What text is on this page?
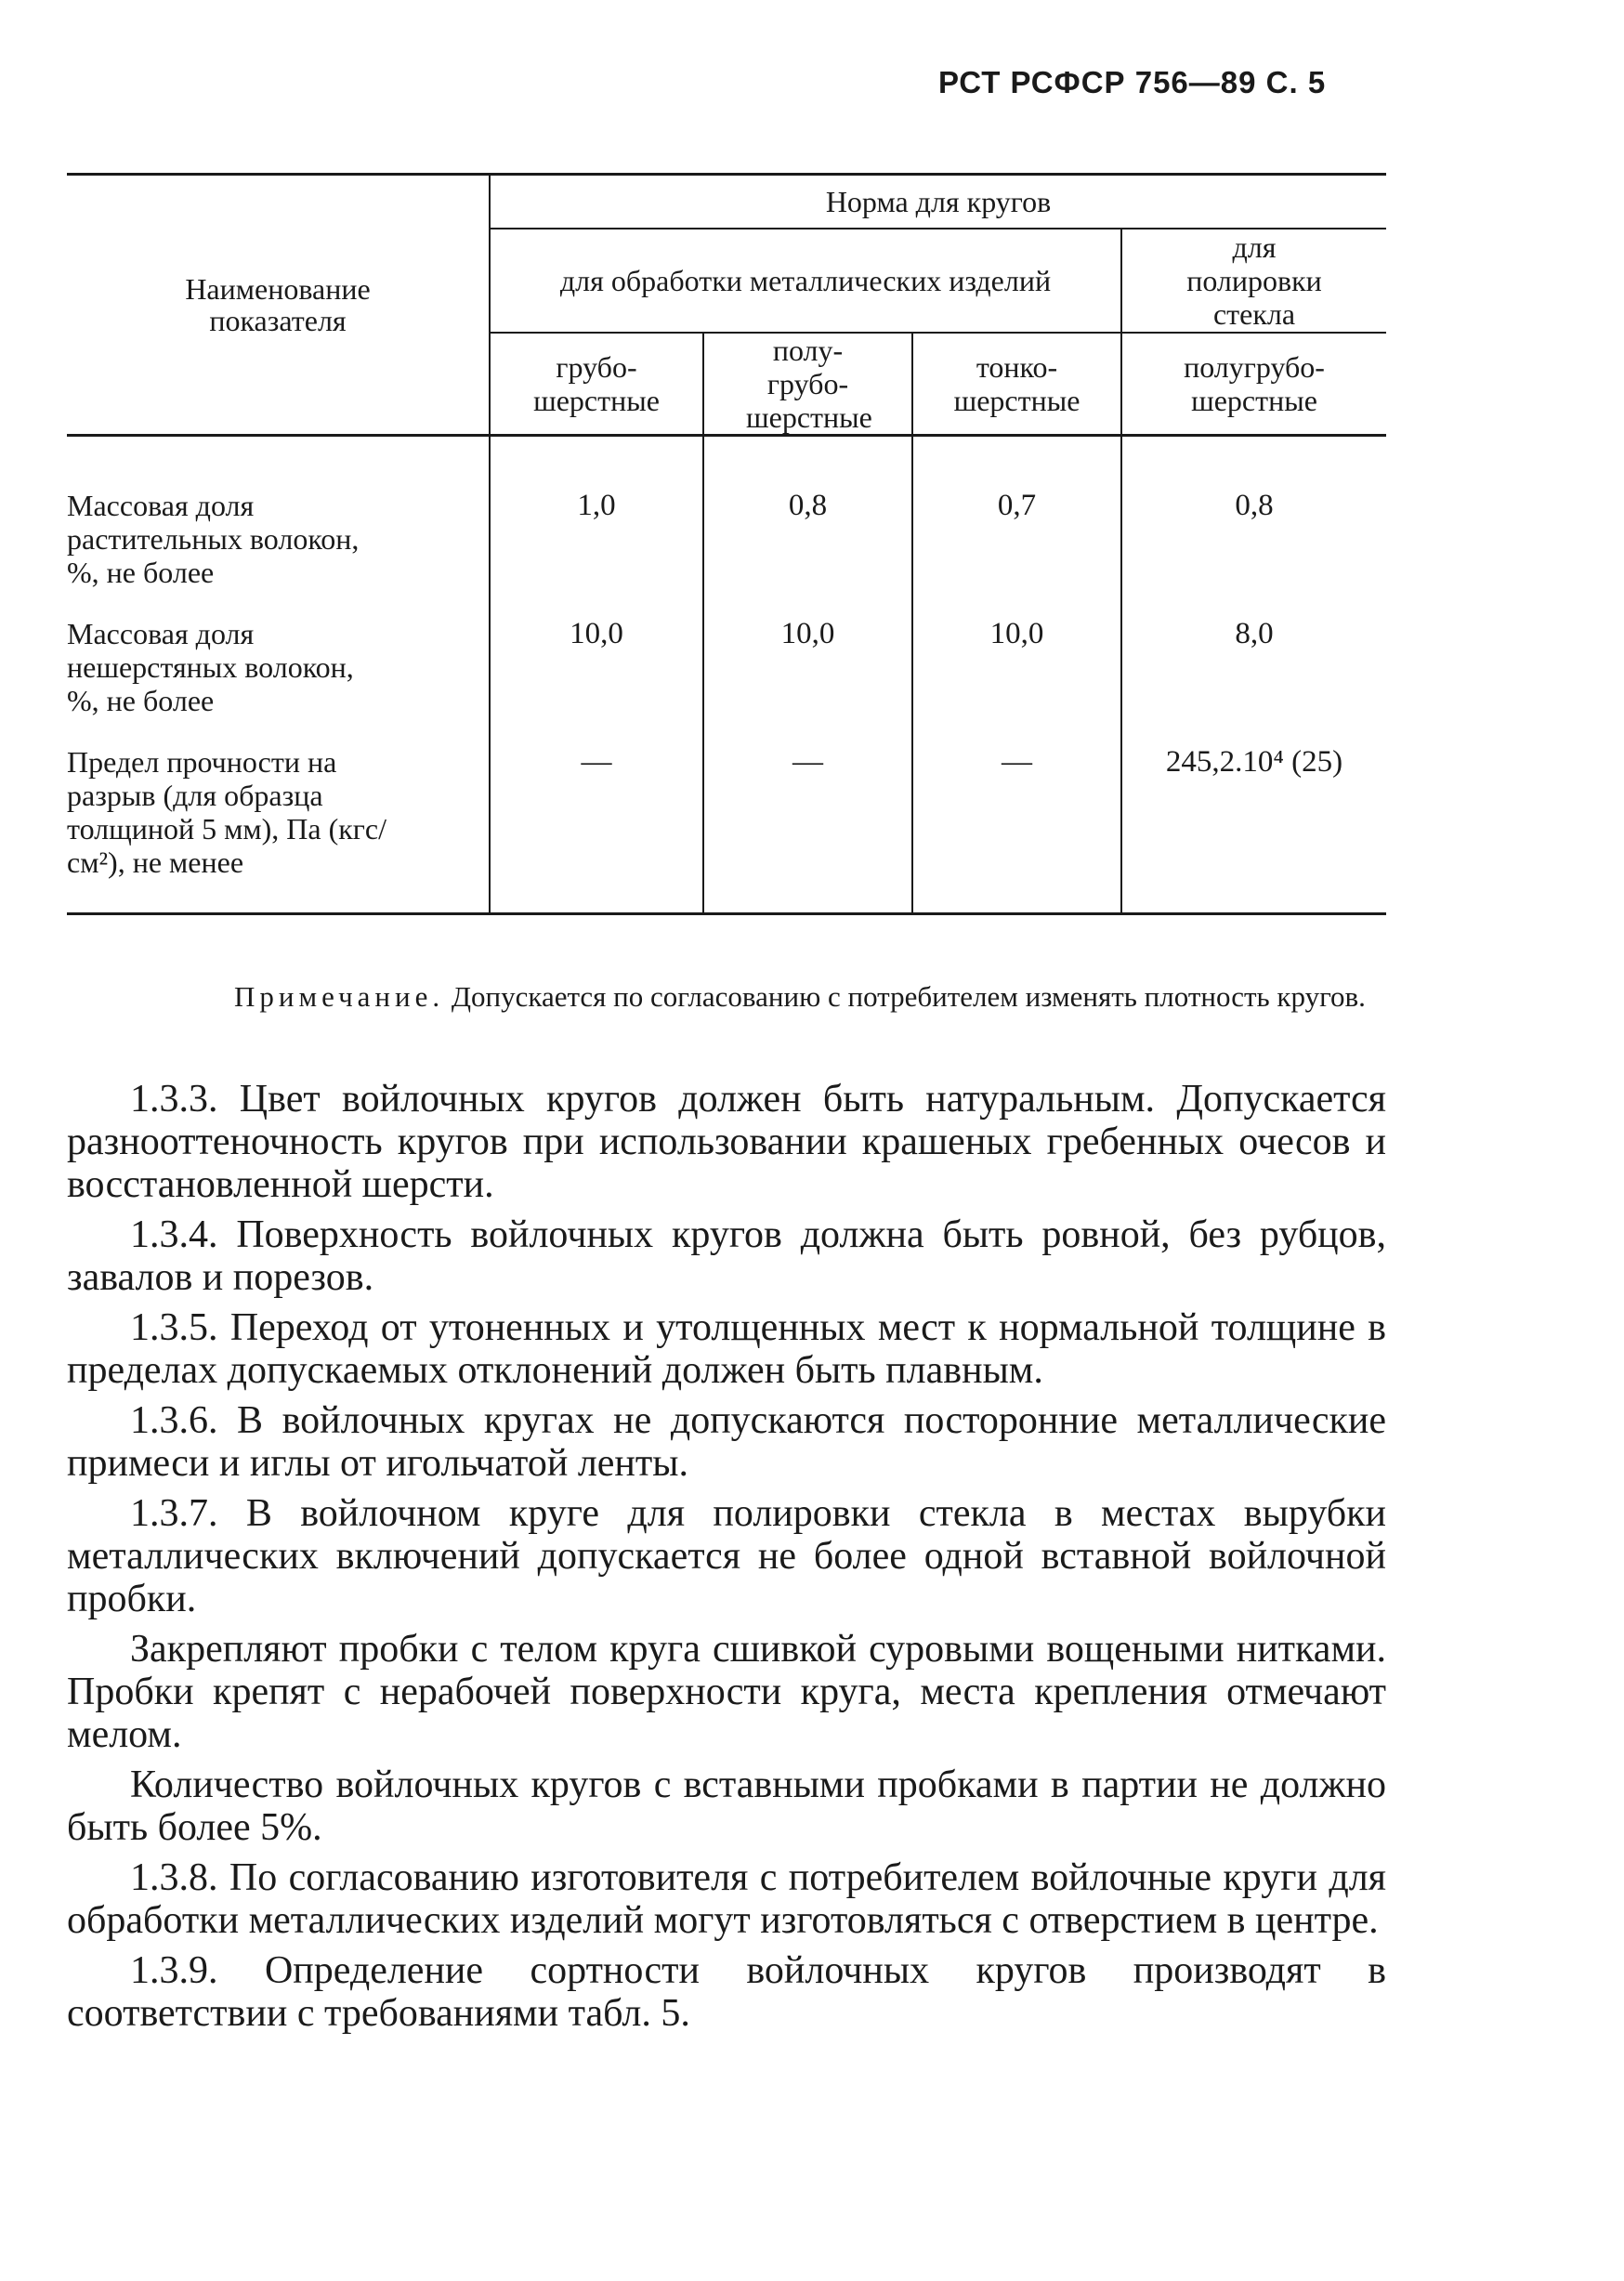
РСТ РСФСР 756—89 С. 5
Наименование показателя	Норма для кругов			
	для обработки металлических изделий			для полировки стекла
	грубо-шерстные	полу-грубо-шерстные	тонко-шерстные	полугрубо-шерстные
Массовая доля растительных волокон, %, не более	1,0	0,8	0,7	0,8
Массовая доля нешерстяных волокон, %, не более	10,0	10,0	10,0	8,0
Предел прочности на разрыв (для образца толщиной 5 мм), Па (кгс/см²), не менее	—	—	—	245,2.10⁴ (25)
Примечание. Допускается по согласованию с потребителем изменять плотность кругов.

1.3.3. Цвет войлочных кругов должен быть натуральным. Допускается разнооттеночность кругов при использовании крашеных гребенных очесов и восстановленной шерсти.

1.3.4. Поверхность войлочных кругов должна быть ровной, без рубцов, завалов и порезов.

1.3.5. Переход от утоненных и утолщенных мест к нормальной толщине в пределах допускаемых отклонений должен быть плавным.

1.3.6. В войлочных кругах не допускаются посторонние металлические примеси и иглы от игольчатой ленты.

1.3.7. В войлочном круге для полировки стекла в местах вырубки металлических включений допускается не более одной вставной войлочной пробки.

Закрепляют пробки с телом круга сшивкой суровыми вощеными нитками. Пробки крепят с нерабочей поверхности круга, места крепления отмечают мелом.

Количество войлочных кругов с вставными пробками в партии не должно быть более 5%.

1.3.8. По согласованию изготовителя с потребителем войлочные круги для обработки металлических изделий могут изготовляться с отверстием в центре.

1.3.9. Определение сортности войлочных кругов производят в соответствии с требованиями табл. 5.
